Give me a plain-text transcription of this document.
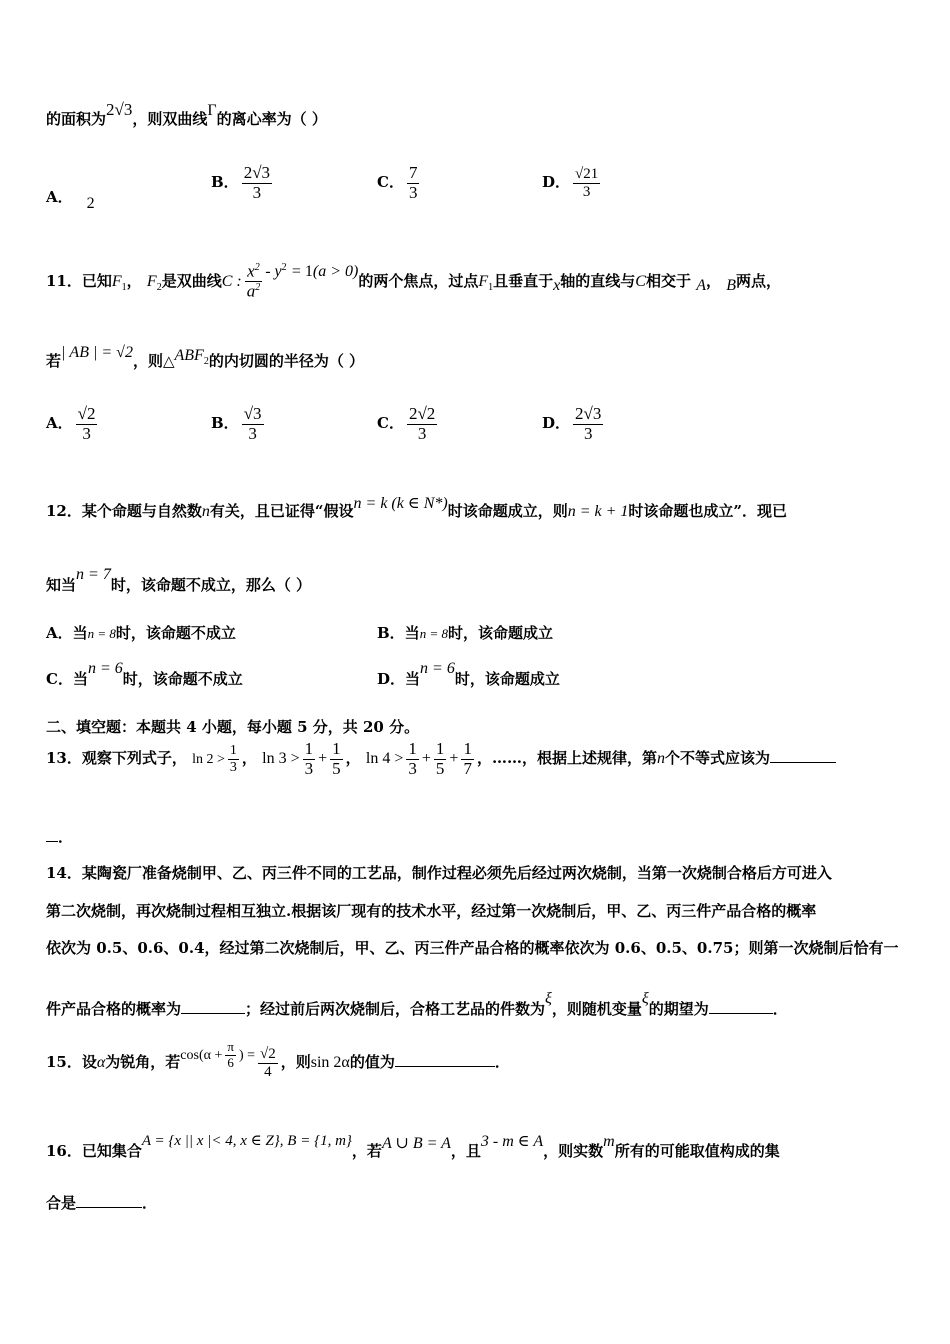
的面积为2√3，则双曲线Γ的离心率为（ ）
A． 2
B． $\frac{2√3}{3}$	C． $\frac{7}{3}$	D． $\frac{√21}{3}$
11．已知$F_1$， $F_2$是双曲线C : $\frac{x^2}{a^2} - y^2 = 1(a > 0)$的两个焦点，过点$F_1$且垂直于x轴的直线与C相交于 A， B两点，
若| AB | = √2，则$\triangle ABF_2$的内切圆的半径为（ ）
A． $\frac{√2}{3}$	B． $\frac{√3}{3}$	C． $\frac{2√2}{3}$	D． $\frac{2√3}{3}$
12．某个命题与自然数n有关，且已证得“假设n = k (k ∈ N*)时该命题成立，则n = k + 1时该命题也成立”．现已
知当n = 7时，该命题不成立，那么（ ）
A．当n = 8时，该命题不成立	B．当n = 8时，该命题成立
C．当n = 6时，该命题不成立	D．当n = 6时，该命题成立
二、填空题：本题共 4 小题，每小题 5 分，共 20 分。
13．观察下列式子， $\ln 2 > \frac{1}{3}$ ， $\ln 3 > \frac{1}{3} + \frac{1}{5}$ ， $\ln 4 > \frac{1}{3} + \frac{1}{5} + \frac{1}{7}$ ，……，根据上述规律，第n个不等式应该为
．
14．某陶瓷厂准备烧制甲、乙、丙三件不同的工艺品，制作过程必须先后经过两次烧制，当第一次烧制合格后方可进入
第二次烧制，再次烧制过程相互独立.根据该厂现有的技术水平，经过第一次烧制后，甲、乙、丙三件产品合格的概率
依次为 0.5、0.6、0.4，经过第二次烧制后，甲、乙、丙三件产品合格的概率依次为 0.6、0.5、0.75；则第一次烧制后恰有一
件产品合格的概率为	；经过前后两次烧制后，合格工艺品的件数为ξ，则随机变量ξ的期望为	．
15．设α为锐角，若$\cos(\alpha + \frac{\pi}{6}$ ) = $\frac{√2}{4}$ ，则sin 2α的值为	．
16．已知集合A = {x || x |< 4, x ∈ Z}, B = {1, m}，若A ∪ B = A，且3 - m ∈ A，则实数m所有的可能取值构成的集
合是	．
